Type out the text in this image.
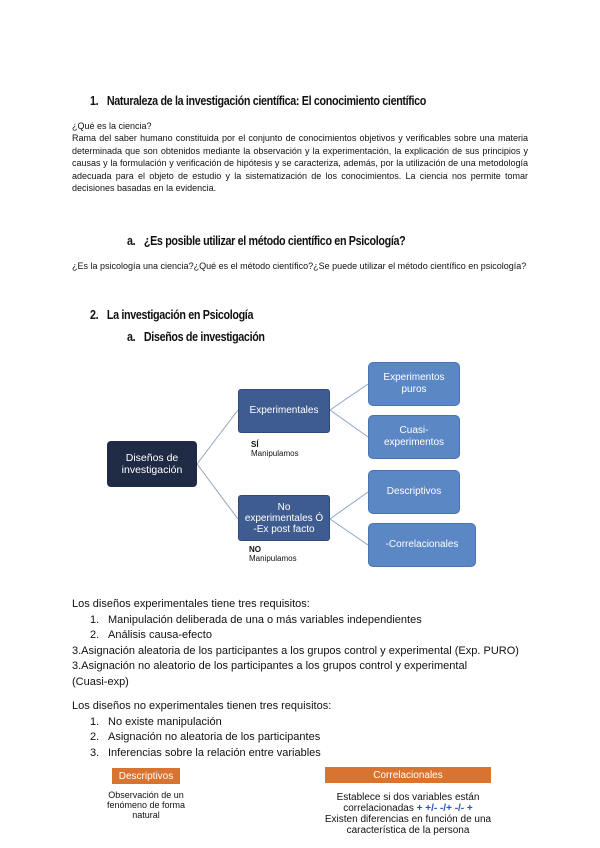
1. Naturaleza de la investigación científica: El conocimiento científico
¿Qué es la ciencia?
Rama del saber humano constituida por el conjunto de conocimientos objetivos y verificables sobre una materia determinada que son obtenidos mediante la observación y la experimentación, la explicación de sus principios y causas y la formulación y verificación de hipótesis y se caracteriza, además, por la utilización de una metodología adecuada para el objeto de estudio y la sistematización de los conocimientos. La ciencia nos permite tomar decisiones basadas en la evidencia.
a. ¿Es posible utilizar el método científico en Psicología?
¿Es la psicología una ciencia?¿Qué es el método científico?¿Se puede utilizar el método científico en psicología?
2. La investigación en Psicología
a. Diseños de investigación
Diseños de investigación
Experimentales
No experimentales Ó -Ex post facto
Experimentos puros
Cuasi-experimentos
Descriptivos
-Correlacionales
SÍ
Manipulamos
NO
Manipulamos
Los diseños experimentales tiene tres requisitos:
1. Manipulación deliberada de una o más variables independientes
2. Análisis causa-efecto
3.Asignación aleatoria de los participantes a los grupos control y experimental (Exp. PURO)
3.Asignación no aleatorio de los participantes a los grupos control y experimental
(Cuasi-exp)
Los diseños no experimentales tienen tres requisitos:
1. No existe manipulación
2. Asignación no aleatoria de los participantes
3. Inferencias sobre la relación entre variables
Descriptivos
Observación de un fenómeno de forma natural
Correlacionales
Establece si dos variables están
correlacionadas + +/- -/+ -/- +
Existen diferencias en función de una
característica de la persona
